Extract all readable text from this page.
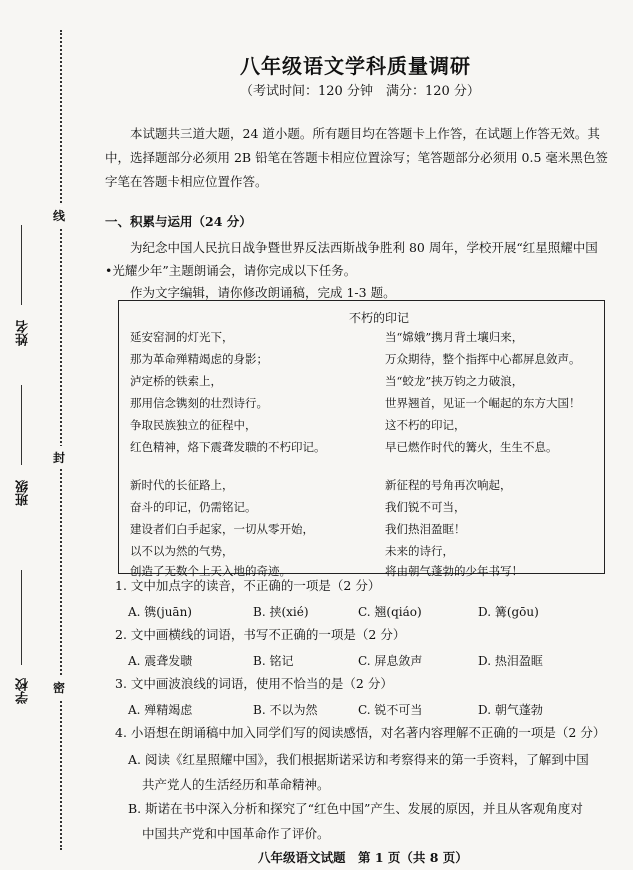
姓名
班级
学校
线
封
密
八年级语文学科质量调研
（考试时间：120 分钟　满分：120 分）
本试题共三道大题，24 道小题。所有题目均在答题卡上作答，在试题上作答无效。其
中，选择题部分必须用 2B 铅笔在答题卡相应位置涂写；笔答题部分必须用 0.5 毫米黑色签
字笔在答题卡相应位置作答。
一、积累与运用（24 分）
为纪念中国人民抗日战争暨世界反法西斯战争胜利 80 周年，学校开展“红星照耀中国
•光耀少年”主题朗诵会，请你完成以下任务。
作为文字编辑，请你修改朗诵稿，完成 1-3 题。
不朽的印记
延安窑洞的灯光下，
那为革命殚精竭虑的身影；
泸定桥的铁索上，
那用信念镌刻的壮烈诗行。
争取民族独立的征程中，
红色精神，烙下震聋发聩的不朽印记。
新时代的长征路上，
奋斗的印记，仍需铭记。
建设者们白手起家，一切从零开始，
以不以为然的气势，
创造了无数个上天入地的奇迹。
当“嫦娥”携月背土壤归来，
万众期待，整个指挥中心都屏息敛声。
当“蛟龙”挟万钧之力破浪，
世界翘首，见证一个崛起的东方大国！
这不朽的印记，
早已燃作时代的篝火，生生不息。
新征程的号角再次响起，
我们锐不可当，
我们热泪盈眶！
未来的诗行，
将由朝气蓬勃的少年书写！
1. 文中加点字的读音，不正确的一项是（2 分）
A. 镌(juān)	B. 挟(xié)	C. 翘(qiáo)	D. 篝(gōu)
2. 文中画横线的词语，书写不正确的一项是（2 分）
A. 震聋发聩	B. 铭记	C. 屏息敛声	D. 热泪盈眶
3. 文中画波浪线的词语，使用不恰当的是（2 分）
A. 殚精竭虑	B. 不以为然	C. 锐不可当	D. 朝气蓬勃
4. 小语想在朗诵稿中加入同学们写的阅读感悟，对名著内容理解不正确的一项是（2 分）
A. 阅读《红星照耀中国》，我们根据斯诺采访和考察得来的第一手资料，了解到中国
共产党人的生活经历和革命精神。
B. 斯诺在书中深入分析和探究了“红色中国”产生、发展的原因，并且从客观角度对
中国共产党和中国革命作了评价。
八年级语文试题　第 1 页（共 8 页）
